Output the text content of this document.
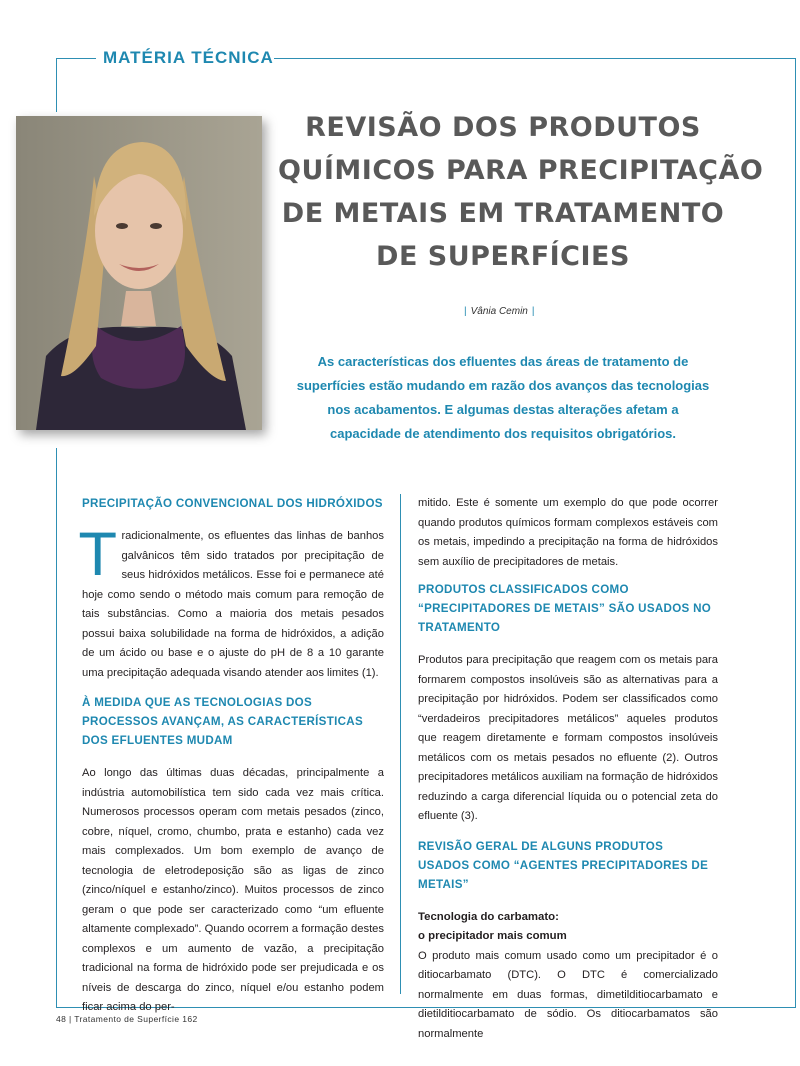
MATÉRIA TÉCNICA
REVISÃO DOS PRODUTOS
QUÍMICOS PARA PRECIPITAÇÃO
DE METAIS EM TRATAMENTO
DE SUPERFÍCIES
| Vânia Cemin |
As características dos efluentes das áreas de tratamento de
superfícies estão mudando em razão dos avanços das tecnologias
nos acabamentos. E algumas destas alterações afetam a
capacidade de atendimento dos requisitos obrigatórios.

PRECIPITAÇÃO CONVENCIONAL DOS HIDRÓXIDOS

Tradicionalmente, os efluentes das linhas de banhos galvânicos têm sido tratados por precipitação de seus hidróxidos metálicos. Esse foi e permanece até hoje como sendo o método mais comum para remoção de tais substâncias. Como a maioria dos metais pesados possui baixa solubilidade na forma de hidróxidos, a adição de um ácido ou base e o ajuste do pH de 8 a 10 garante uma precipitação adequada visando atender aos limites (1).

À MEDIDA QUE AS TECNOLOGIAS DOS PROCESSOS AVANÇAM, AS CARACTERÍSTICAS DOS EFLUENTES MUDAM

Ao longo das últimas duas décadas, principalmente a indústria automobilística tem sido cada vez mais crítica. Numerosos processos operam com metais pesados (zinco, cobre, níquel, cromo, chumbo, prata e estanho) cada vez mais complexados. Um bom exemplo de avanço de tecnologia de eletrodeposição são as ligas de zinco (zinco/níquel e estanho/zinco). Muitos processos de zinco geram o que pode ser caracterizado como “um efluente altamente complexado”. Quando ocorrem a formação destes complexos e um aumento de vazão, a precipitação tradicional na forma de hidróxido pode ser prejudicada e os níveis de descarga do zinco, níquel e/ou estanho podem ficar acima do per-

mitido. Este é somente um exemplo do que pode ocorrer quando produtos químicos formam complexos estáveis com os metais, impedindo a precipitação na forma de hidróxidos sem auxílio de precipitadores de metais.

PRODUTOS CLASSIFICADOS COMO “PRECIPITADORES DE METAIS” SÃO USADOS NO TRATAMENTO

Produtos para precipitação que reagem com os metais para formarem compostos insolúveis são as alternativas para a precipitação por hidróxidos. Podem ser classificados como “verdadeiros precipitadores metálicos” aqueles produtos que reagem diretamente e formam compostos insolúveis metálicos com os metais pesados no efluente (2). Outros precipitadores metálicos auxiliam na formação de hidróxidos reduzindo a carga diferencial líquida ou o potencial zeta do efluente (3).

REVISÃO GERAL DE ALGUNS PRODUTOS USADOS COMO “AGENTES PRECIPITADORES DE METAIS”

Tecnologia do carbamato:

o precipitador mais comum

O produto mais comum usado como um precipitador é o ditiocarbamato (DTC). O DTC é comercializado normalmente em duas formas, dimetilditiocarbamato e dietilditiocarbamato de sódio. Os ditiocarbamatos são normalmente

48 | Tratamento de Superfície 162
